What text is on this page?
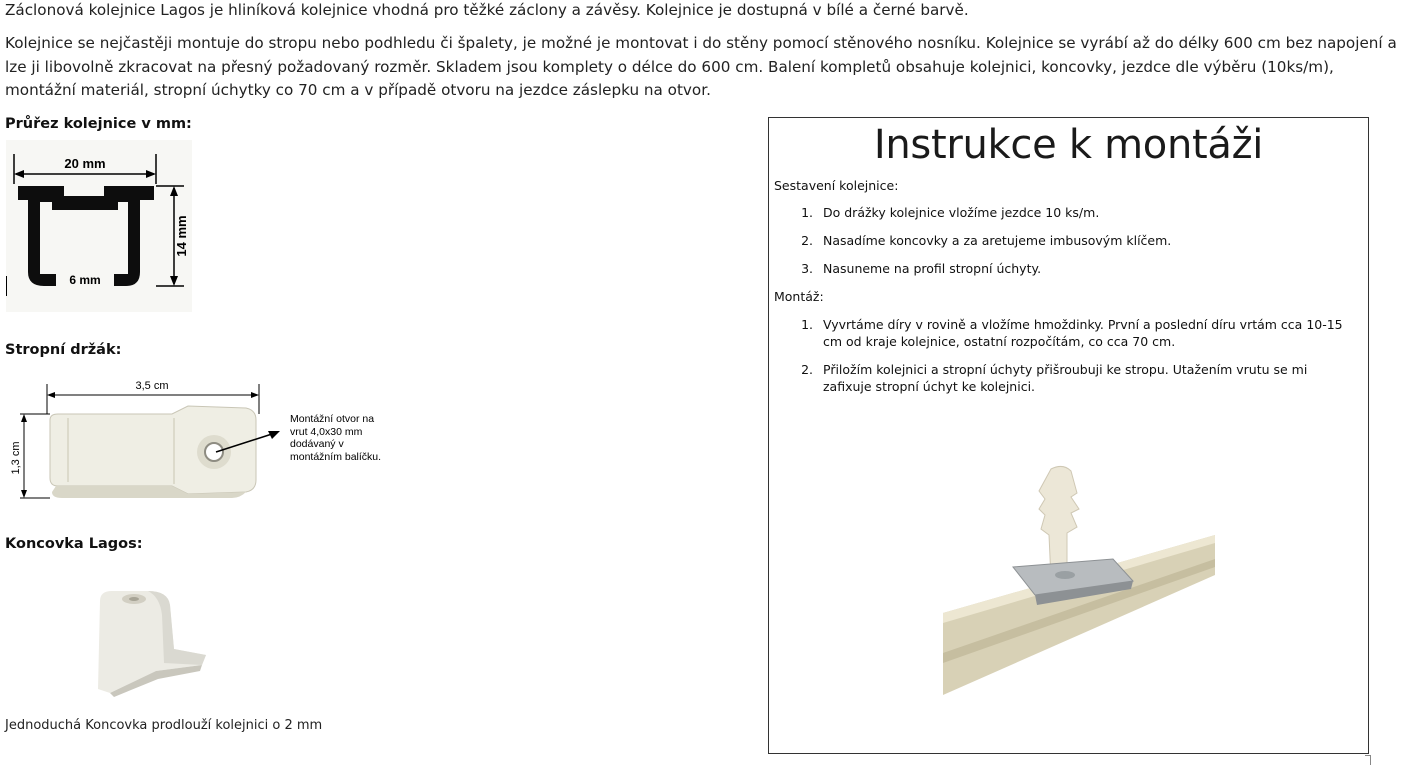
Záclonová kolejnice Lagos je hliníková kolejnice vhodná pro těžké záclony a závěsy. Kolejnice je dostupná v bílé a černé barvě.

Kolejnice se nejčastěji montuje do stropu nebo podhledu či špalety, je možné je montovat i do stěny pomocí stěnového nosníku. Kolejnice se vyrábí až do délky 600 cm bez napojení a lze ji libovolně zkracovat na přesný požadovaný rozměr. Skladem jsou komplety o délce do 600 cm. Balení kompletů obsahuje kolejnici, koncovky, jezdce dle výběru (10ks/m), montážní materiál, stropní úchytky co 70 cm a v případě otvoru na jezdce záslepku na otvor.

Průřez kolejnice v mm:
20 mm
14 mm
6 mm
Stropní držák:
3,5 cm
1,3 cm
Montážní otvor na vrut 4,0x30 mm dodávaný v montážním balíčku.
Koncovka Lagos:
Jednoduchá Koncovka prodlouží kolejnici o 2 mm
Instrukce k montáži
Sestavení kolejnice:
1. Do drážky kolejnice vložíme jezdce 10 ks/m.
2. Nasadíme koncovky a za aretujeme imbusovým klíčem.
3. Nasuneme na profil stropní úchyty.
Montáž:
1. Vyvrtáme díry v rovině a vložíme hmoždinky. První a poslední díru vrtám cca 10-15 cm od kraje kolejnice, ostatní rozpočítám, co cca 70 cm.
2. Přiložím kolejnici a stropní úchyty přišroubuji ke stropu. Utažením vrutu se mi zafixuje stropní úchyt ke kolejnici.
